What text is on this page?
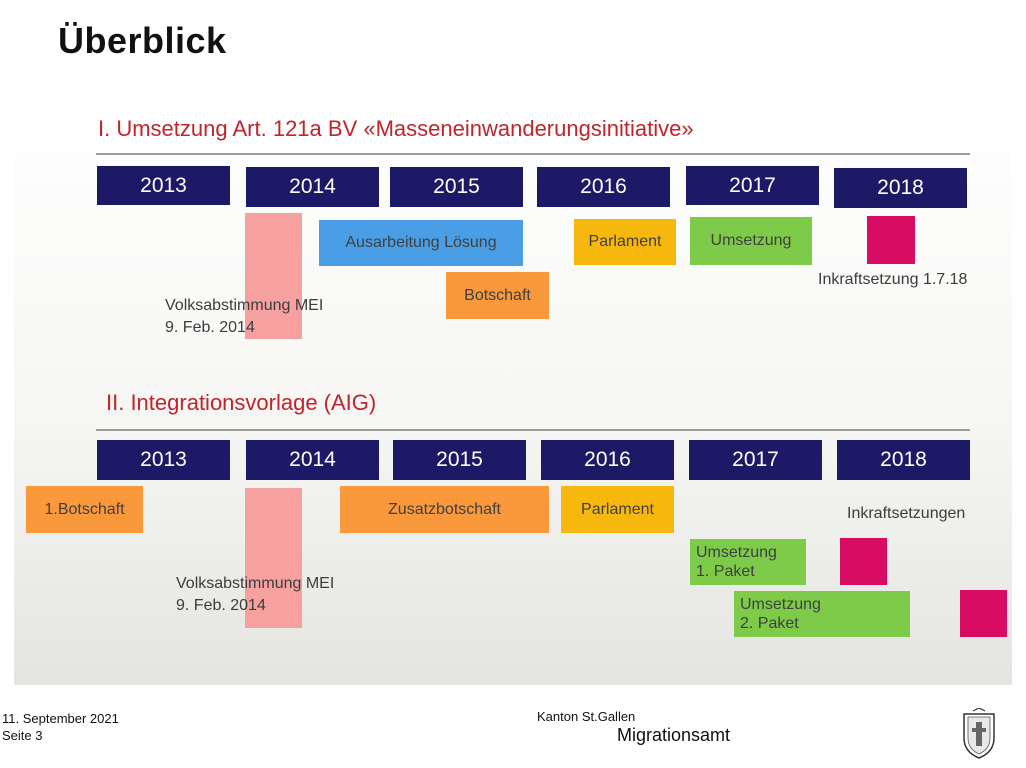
Überblick
I. Umsetzung Art. 121a BV «Masseneinwanderungsinitiative»
2013	2014	2015	2016	2017	2018
Ausarbeitung Lösung	Parlament	Umsetzung
Botschaft
Inkraftsetzung 1.7.18
Volksabstimmung MEI
9. Feb. 2014
II. Integrationsvorlage (AIG)
2013	2014	2015	2016	2017	2018
1.Botschaft	Zusatzbotschaft	Parlament	Inkraftsetzungen
Umsetzung
1. Paket
Umsetzung
2. Paket
Volksabstimmung MEI
9. Feb. 2014
11. September 2021
Seite 3
Kanton St.Gallen
Migrationsamt
